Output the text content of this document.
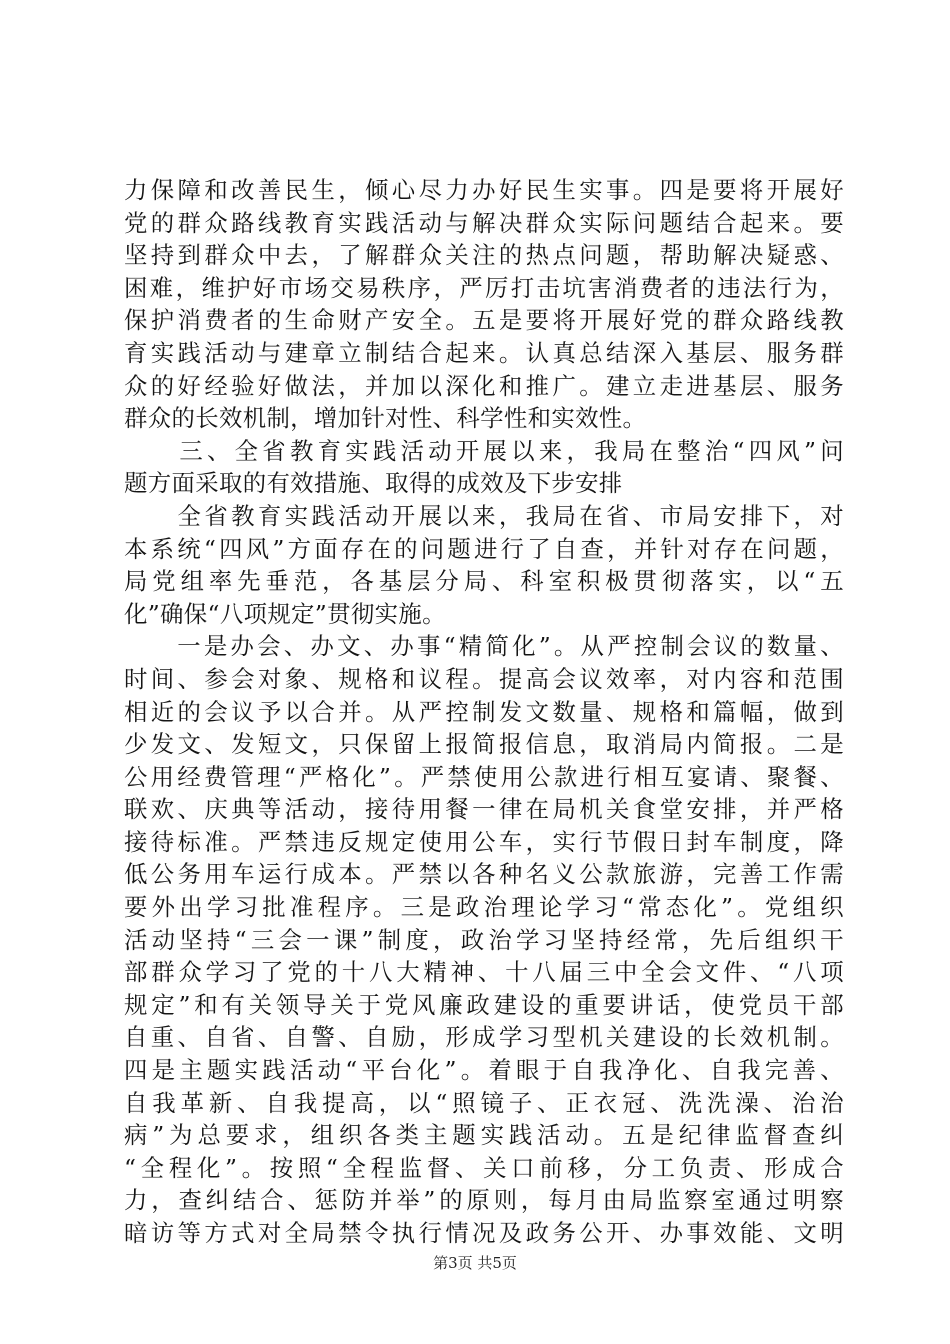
力保障和改善民生，倾心尽力办好民生实事。四是要将开展好
党的群众路线教育实践活动与解决群众实际问题结合起来。要
坚持到群众中去，了解群众关注的热点问题，帮助解决疑惑、
困难，维护好市场交易秩序，严厉打击坑害消费者的违法行为，
保护消费者的生命财产安全。五是要将开展好党的群众路线教
育实践活动与建章立制结合起来。认真总结深入基层、服务群
众的好经验好做法，并加以深化和推广。建立走进基层、服务
群众的长效机制，增加针对性、科学性和实效性。
　　三、全省教育实践活动开展以来，我局在整治“四风”问
题方面采取的有效措施、取得的成效及下步安排
　　全省教育实践活动开展以来，我局在省、市局安排下，对
本系统“四风”方面存在的问题进行了自查，并针对存在问题，
局党组率先垂范，各基层分局、科室积极贯彻落实，以“五
化”确保“八项规定”贯彻实施。
　　一是办会、办文、办事“精简化”。从严控制会议的数量、
时间、参会对象、规格和议程。提高会议效率，对内容和范围
相近的会议予以合并。从严控制发文数量、规格和篇幅，做到
少发文、发短文，只保留上报简报信息，取消局内简报。二是
公用经费管理“严格化”。严禁使用公款进行相互宴请、聚餐、
联欢、庆典等活动，接待用餐一律在局机关食堂安排，并严格
接待标准。严禁违反规定使用公车，实行节假日封车制度，降
低公务用车运行成本。严禁以各种名义公款旅游，完善工作需
要外出学习批准程序。三是政治理论学习“常态化”。党组织
活动坚持“三会一课”制度，政治学习坚持经常，先后组织干
部群众学习了党的十八大精神、十八届三中全会文件、“八项
规定”和有关领导关于党风廉政建设的重要讲话，使党员干部
自重、自省、自警、自励，形成学习型机关建设的长效机制。
四是主题实践活动“平台化”。着眼于自我净化、自我完善、
自我革新、自我提高，以“照镜子、正衣冠、洗洗澡、治治
病”为总要求，组织各类主题实践活动。五是纪律监督查纠
“全程化”。按照“全程监督、关口前移，分工负责、形成合
力，查纠结合、惩防并举”的原则，每月由局监察室通过明察
暗访等方式对全局禁令执行情况及政务公开、办事效能、文明
第3页 共5页
